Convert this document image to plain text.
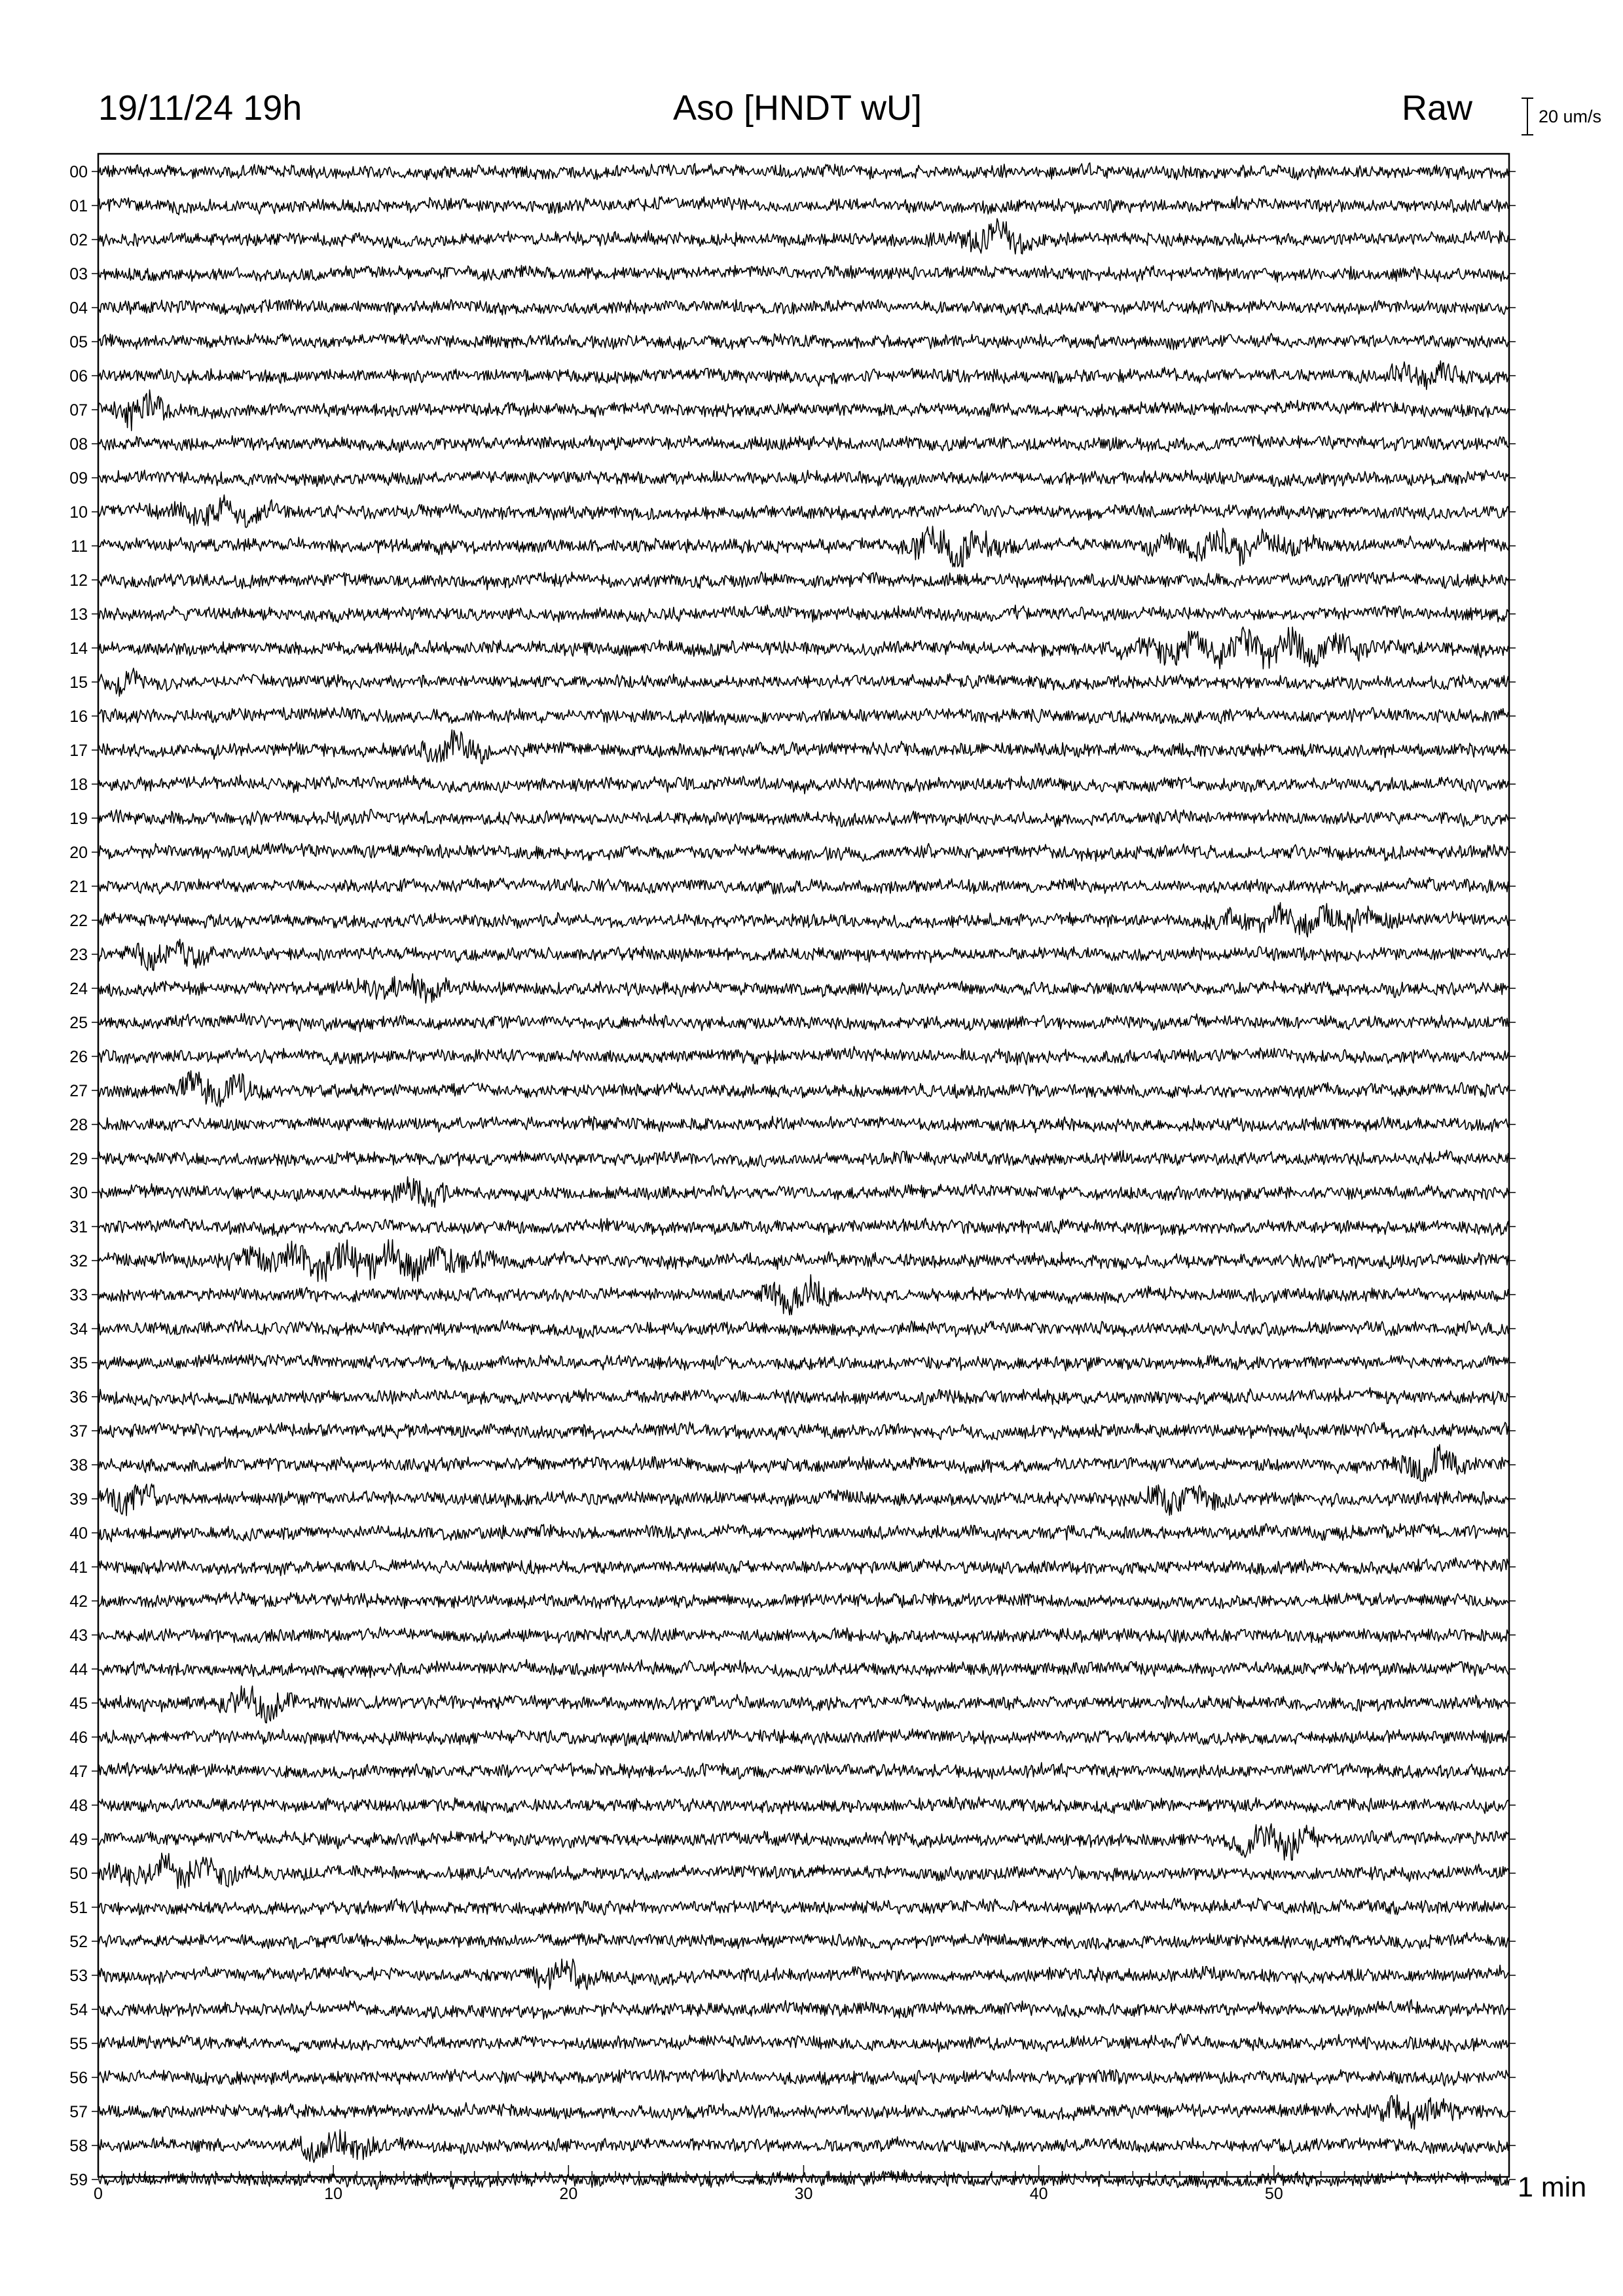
19/11/24 19h	Aso [HNDT wU]	Raw	20 um/s
1 min
00
01
02
03
04
05
06
07
08
09
10
11
12
13
14
15
16
17
18
19
20
21
22
23
24
25
26
27
28
29
30
31
32
33
34
35
36
37
38
39
40
41
42
43
44
45
46
47
48
49
50
51
52
53
54
55
56
57
58
59
0	10	20	30	40	50
